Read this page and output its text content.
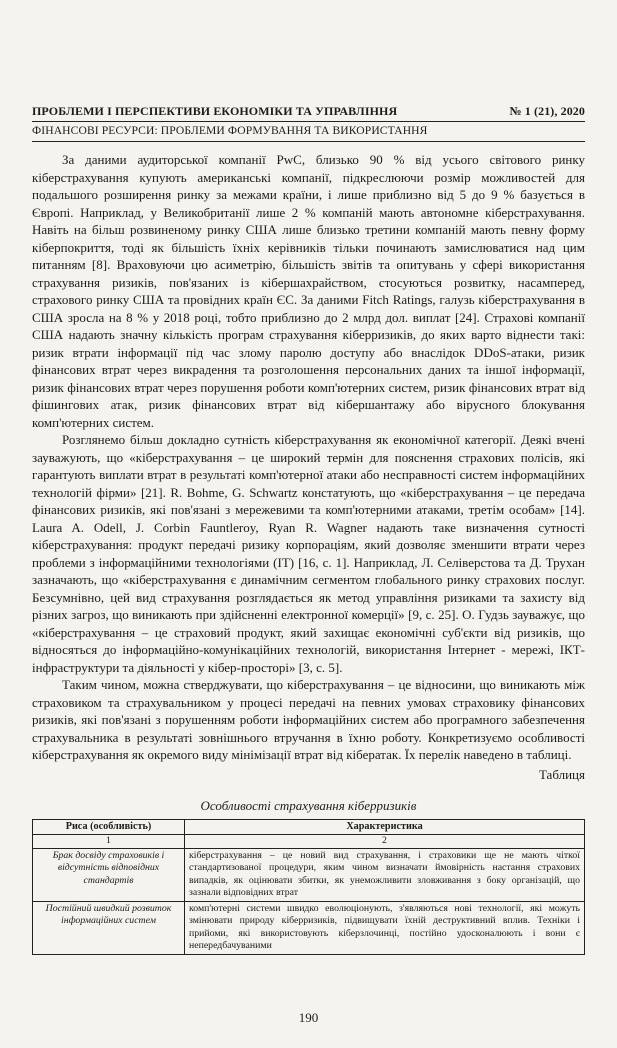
ПРОБЛЕМИ І ПЕРСПЕКТИВИ ЕКОНОМІКИ ТА УПРАВЛІННЯ	№ 1 (21), 2020
ФІНАНСОВІ РЕСУРСИ: ПРОБЛЕМИ ФОРМУВАННЯ ТА ВИКОРИСТАННЯ

За даними аудиторської компанії PwC, близько 90 % від усього світового ринку кіберстрахування купують американські компанії, підкреслюючи розмір можливостей для подальшого розширення ринку за межами країни, і лише приблизно від 5 до 9 % базується в Європі. Наприклад, у Великобританії лише 2 % компаній мають автономне кіберстрахування. Навіть на більш розвиненому ринку США лише близько третини компаній мають певну форму кіберпокриття, тоді як більшість їхніх керівників тільки починають замислюватися над цим питанням [8]. Враховуючи цю асиметрію, більшість звітів та опитувань у сфері використання страхування ризиків, пов'язаних із кібершахрайством, стосуються розвитку, насамперед, страхового ринку США та провідних країн ЄС. За даними Fitch Ratings, галузь кіберстрахування в США зросла на 8 % у 2018 році, тобто приблизно до 2 млрд дол. виплат [24]. Страхові компанії США надають значну кількість програм страхування кіберризиків, до яких варто віднести такі: ризик втрати інформації під час злому паролю доступу або внаслідок DDoS-атаки, ризик фінансових втрат через викрадення та розголошення персональних даних та іншої інформації, ризик фінансових втрат через порушення роботи комп'ютерних систем, ризик фінансових втрат від фішингових атак, ризик фінансових втрат від кібершантажу або вірусного блокування комп'ютерних систем.

Розглянемо більш докладно сутність кіберстрахування як економічної категорії. Деякі вчені зауважують, що «кіберстрахування – це широкий термін для пояснення страхових полісів, які гарантують виплати втрат в результаті комп'ютерної атаки або несправності систем інформаційних технологій фірми» [21]. R. Bohme, G. Schwartz констатують, що «кіберстрахування – це передача фінансових ризиків, які пов'язані з мережевими та комп'ютерними атаками, третім особам» [14]. Laura A. Odell, J. Corbin Fauntleroy, Ryan R. Wagner надають таке визначення сутності кіберстрахування: продукт передачі ризику корпораціям, який дозволяє зменшити втрати через проблеми з інформаційними технологіями (IT) [16, с. 1]. Наприклад, Л. Селіверстова та Д. Трухан зазначають, що «кіберстрахування є динамічним сегментом глобального ринку страхових послуг. Безсумнівно, цей вид страхування розглядається як метод управління ризиками та захисту від різних загроз, що виникають при здійсненні електронної комерції» [9, с. 25]. О. Гудзь зауважує, що «кіберстрахування – це страховий продукт, який захищає економічні суб'єкти від ризиків, що відносяться до інформаційно-комунікаційних технологій, використання Інтернет - мережі, ІКТ-інфраструктури та діяльності у кібер-просторі» [3, с. 5].

Таким чином, можна стверджувати, що кіберстрахування – це відносини, що виникають між страховиком та страхувальником у процесі передачі на певних умовах страховику фінансових ризиків, які пов'язані з порушенням роботи інформаційних систем або програмного забезпечення страхувальника в результаті зовнішнього втручання в їхню роботу. Конкретизуємо особливості кіберстрахування як окремого виду мінімізації втрат від кібератак. Їх перелік наведено в таблиці.

Таблиця
Особливості страхування кіберризиків
Риса (особливість)	Характеристика
1	2
Брак досвіду страховиків і відсутність відповідних стандартів	кіберстрахування – це новий вид страхування, і страховики ще не мають чіткої стандартизованої процедури, яким чином визначати ймовірність настання страхових випадків, як оцінювати збитки, як унеможливити зловживання з боку організацій, що зазнали відповідних втрат
Постійний швидкий розвиток інформаційних систем	комп'ютерні системи швидко еволюціонують, з'являються нові технології, які можуть змінювати природу кіберризиків, підвищувати їхній деструктивний вплив. Техніки і прийоми, які використовують кіберзлочинці, постійно удосконалюють і вони є непередбачуваними
190
